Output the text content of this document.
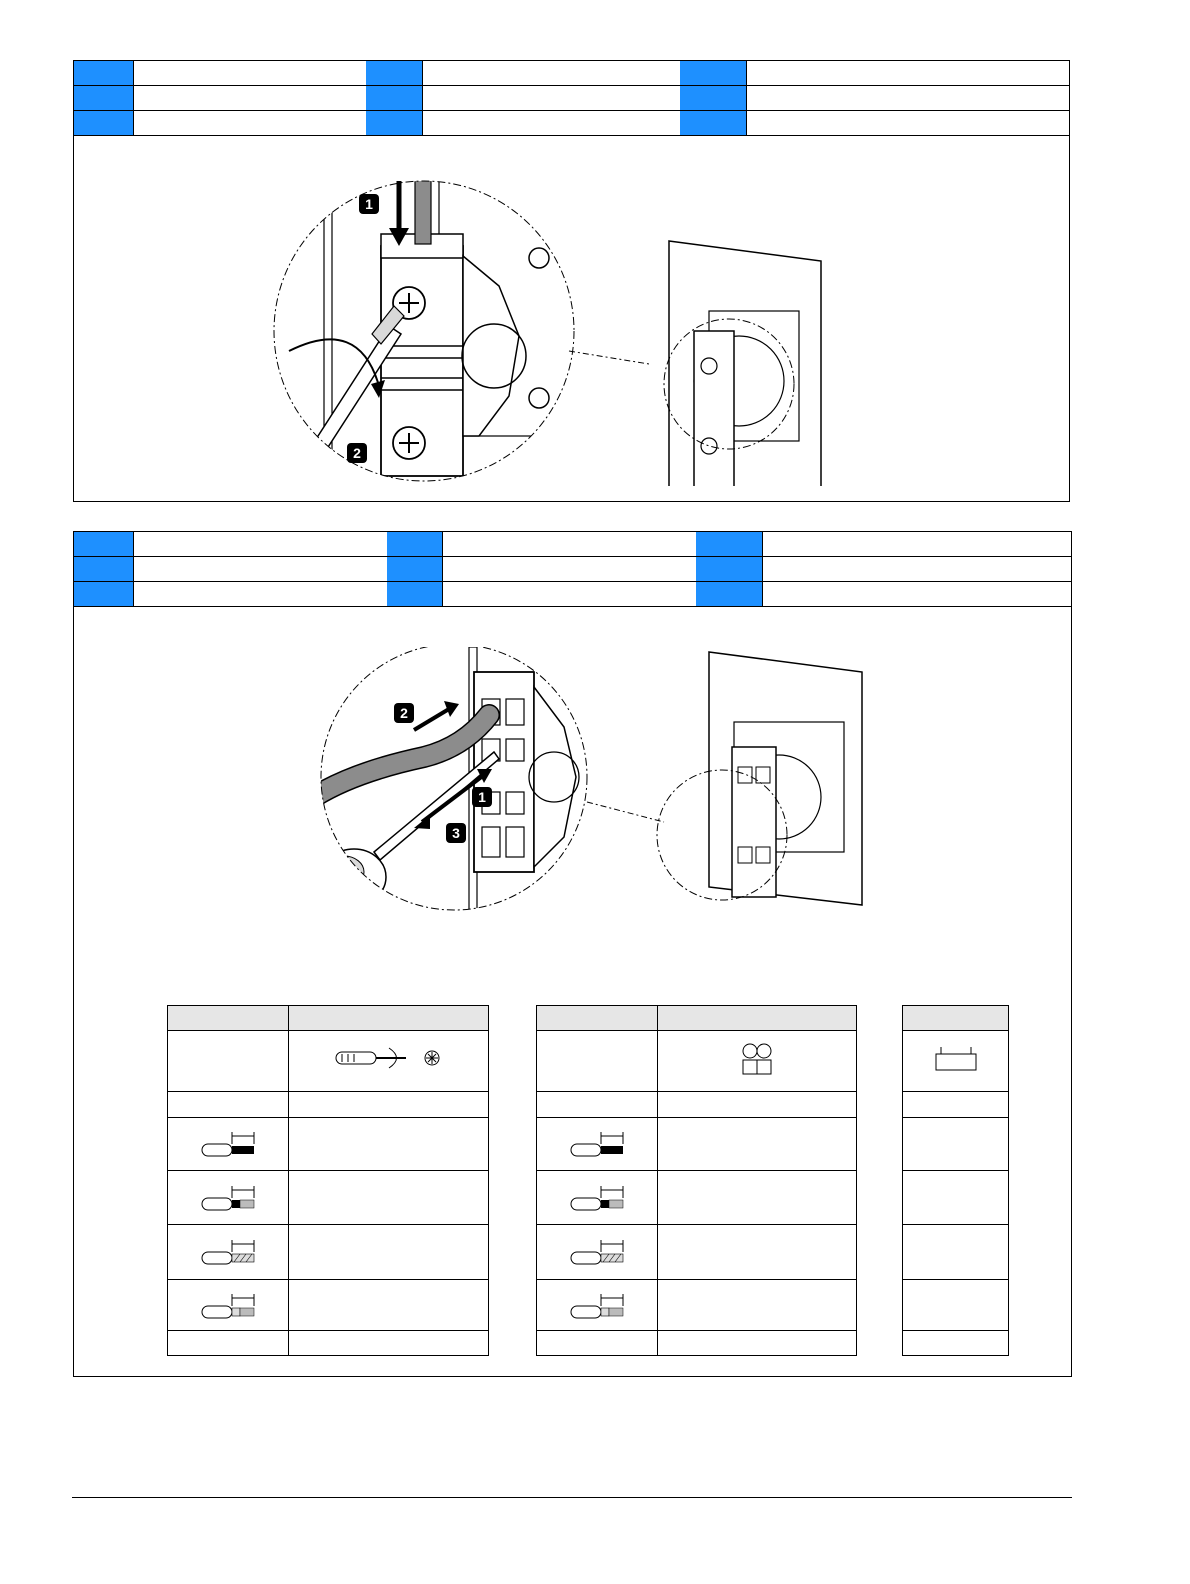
1
2
2
1
3
